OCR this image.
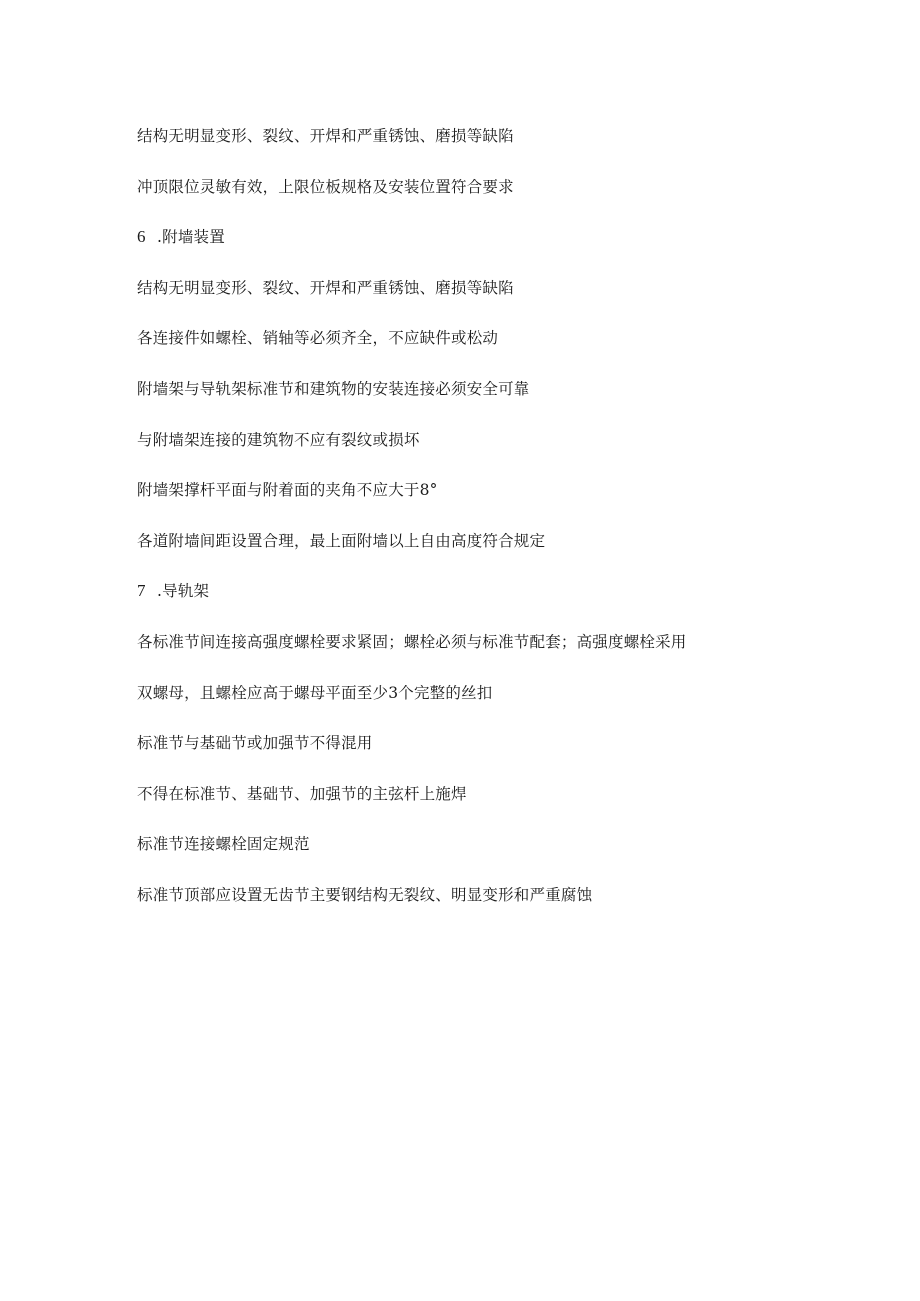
结构无明显变形、裂纹、开焊和严重锈蚀、磨损等缺陷
冲顶限位灵敏有效，上限位板规格及安装位置符合要求
6 .附墙装置
结构无明显变形、裂纹、开焊和严重锈蚀、磨损等缺陷
各连接件如螺栓、销轴等必须齐全，不应缺件或松动
附墙架与导轨架标准节和建筑物的安装连接必须安全可靠
与附墙架连接的建筑物不应有裂纹或损坏
附墙架撑杆平面与附着面的夹角不应大于8°
各道附墙间距设置合理，最上面附墙以上自由高度符合规定
7 .导轨架
各标准节间连接高强度螺栓要求紧固；螺栓必须与标准节配套；高强度螺栓采用
双螺母，且螺栓应高于螺母平面至少3个完整的丝扣
标准节与基础节或加强节不得混用
不得在标准节、基础节、加强节的主弦杆上施焊
标准节连接螺栓固定规范
标准节顶部应设置无齿节主要钢结构无裂纹、明显变形和严重腐蚀
